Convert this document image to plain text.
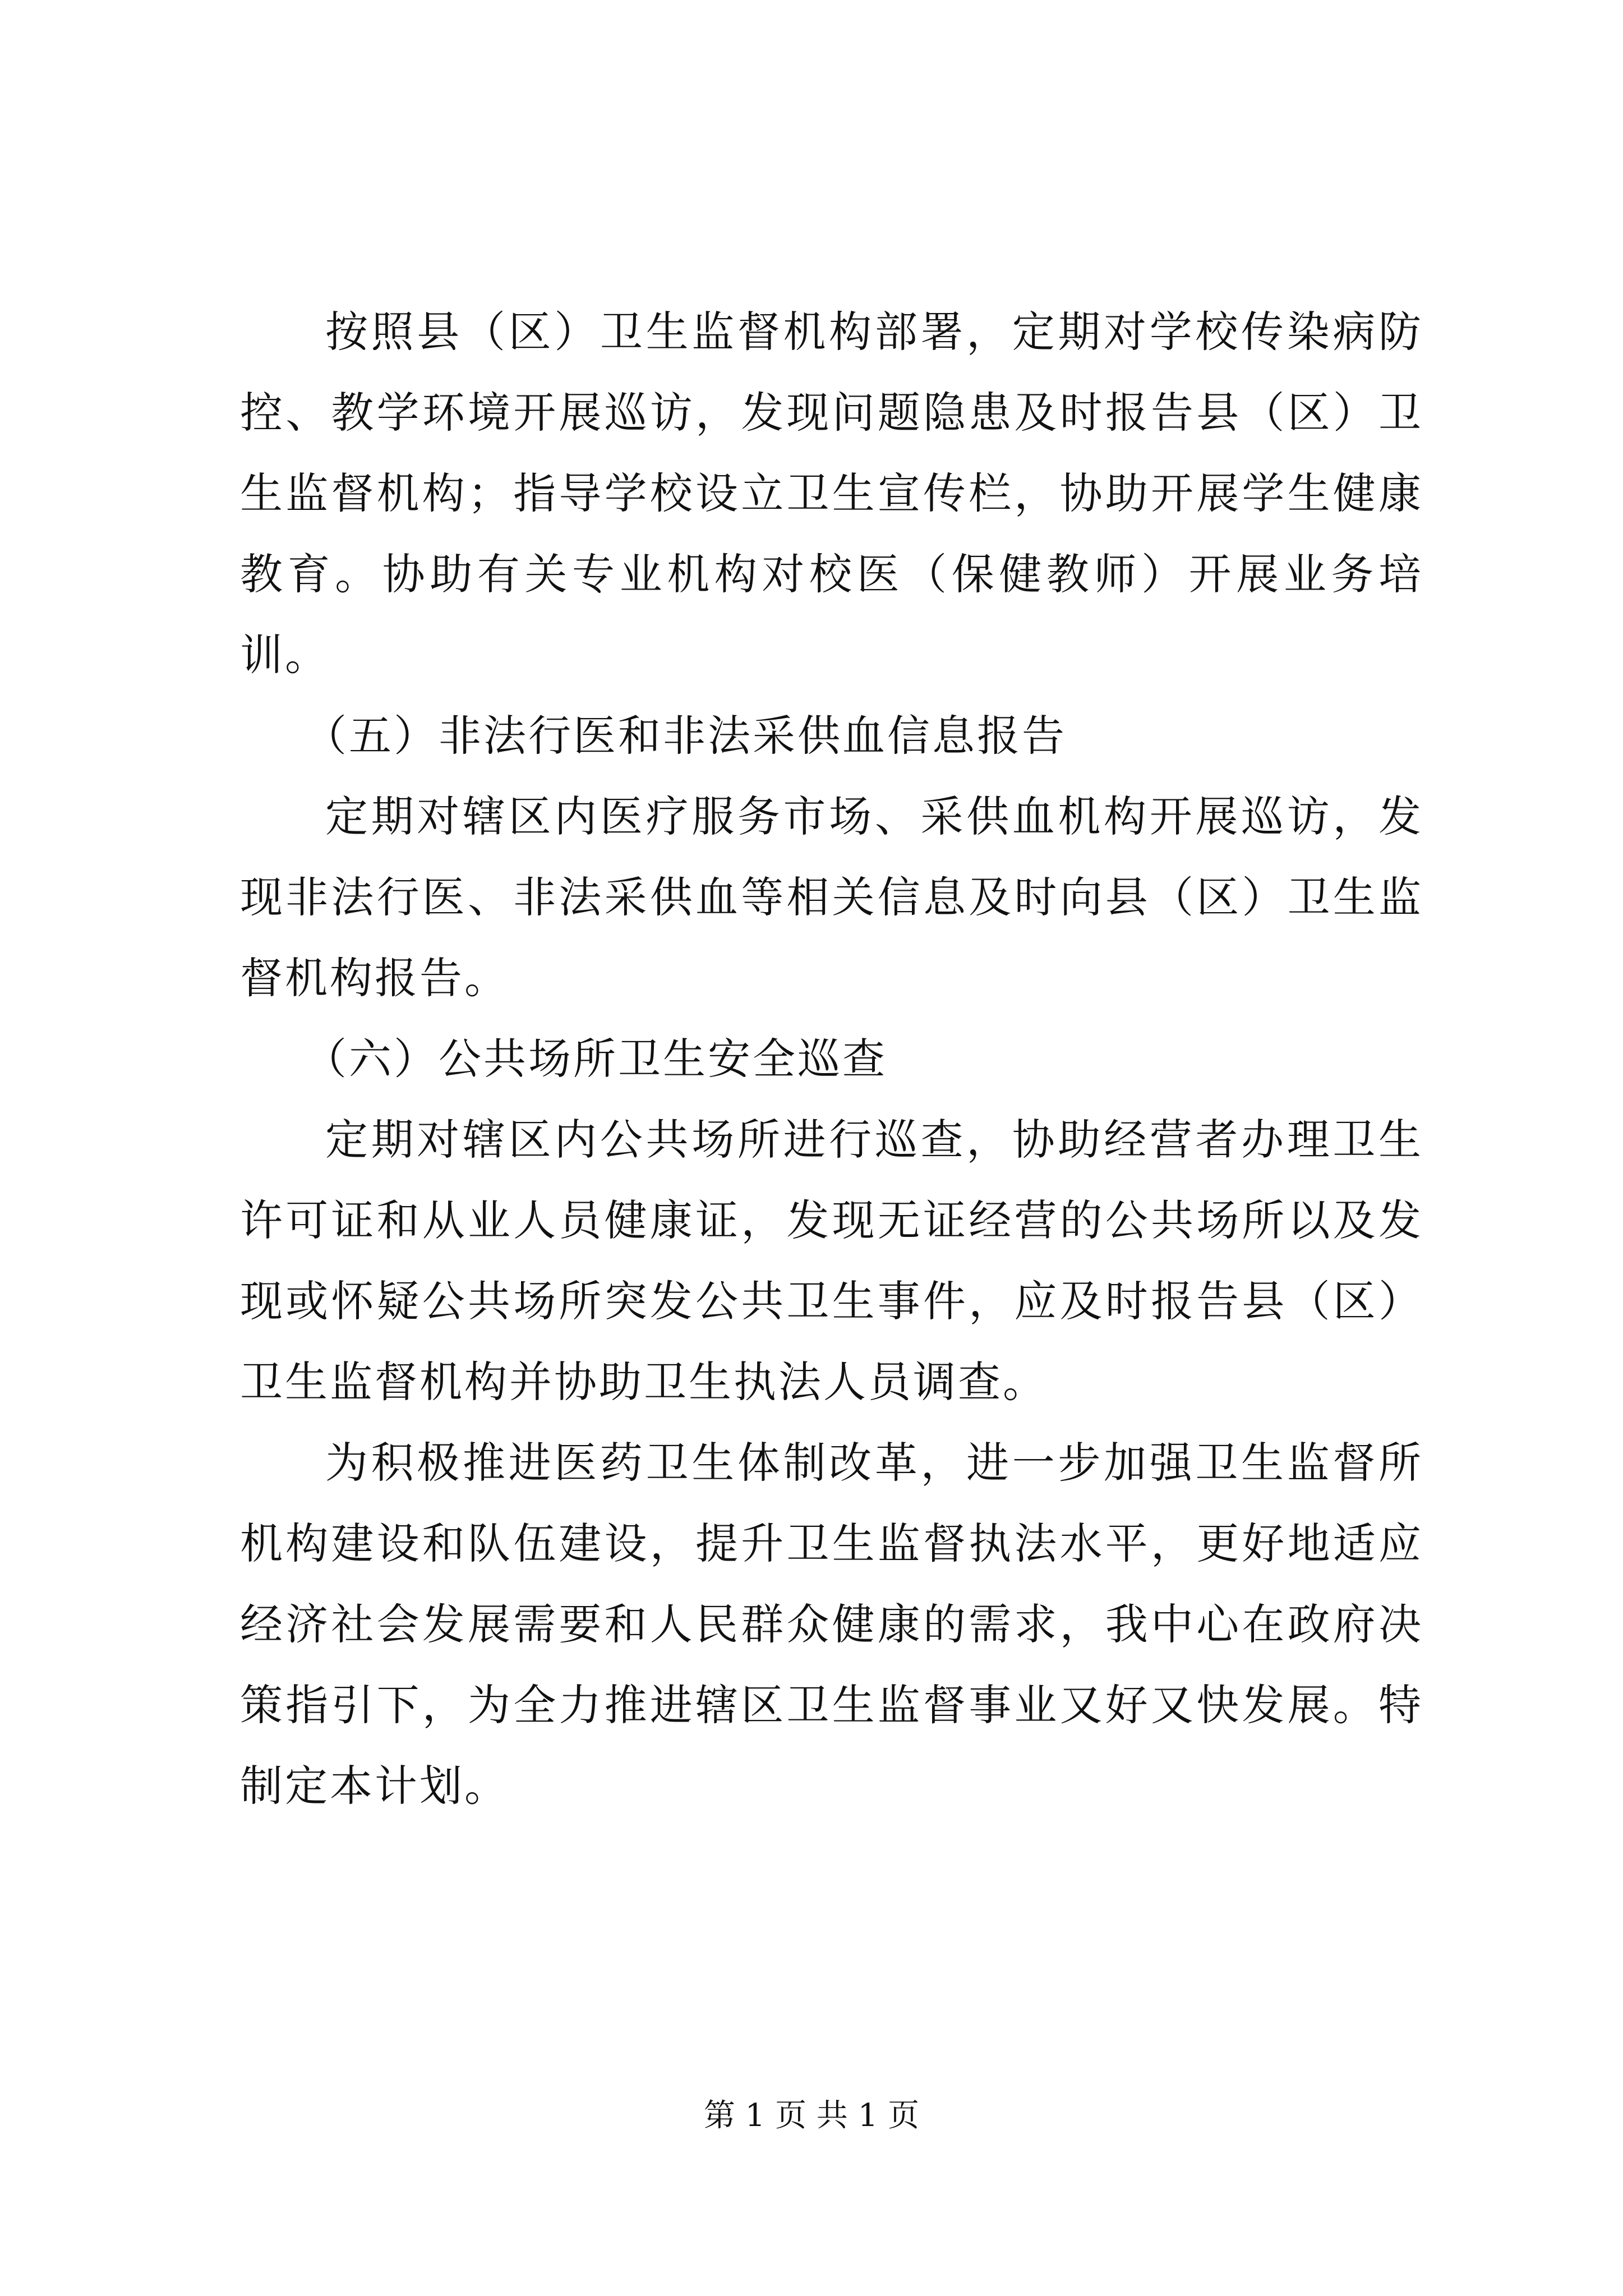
按照县（区）卫生监督机构部署，定期对学校传染病防控、教学环境开展巡访，发现问题隐患及时报告县（区）卫生监督机构；指导学校设立卫生宣传栏，协助开展学生健康教育。协助有关专业机构对校医（保健教师）开展业务培训。

（五）非法行医和非法采供血信息报告

定期对辖区内医疗服务市场、采供血机构开展巡访，发现非法行医、非法采供血等相关信息及时向县（区）卫生监督机构报告。

（六）公共场所卫生安全巡查

定期对辖区内公共场所进行巡查，协助经营者办理卫生许可证和从业人员健康证，发现无证经营的公共场所以及发现或怀疑公共场所突发公共卫生事件，应及时报告县（区）卫生监督机构并协助卫生执法人员调查。

为积极推进医药卫生体制改革，进一步加强卫生监督所机构建设和队伍建设，提升卫生监督执法水平，更好地适应经济社会发展需要和人民群众健康的需求，我中心在政府决策指引下，为全力推进辖区卫生监督事业又好又快发展。特制定本计划。

第 1 页 共 1 页
